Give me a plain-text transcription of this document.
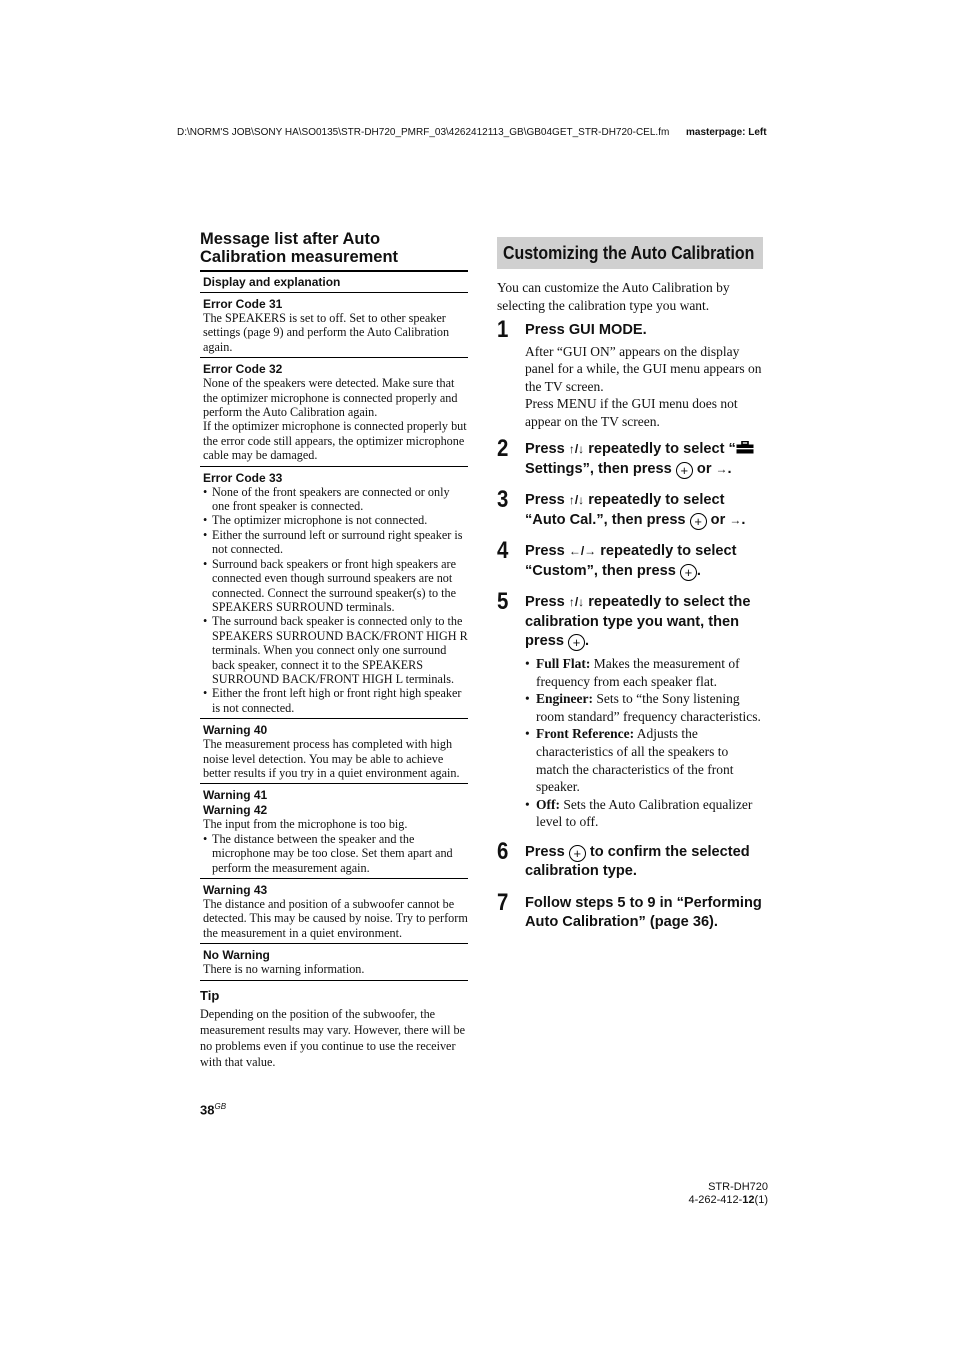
D:\NORM'S JOB\SONY HA\SO0135\STR-DH720_PMRF_03\4262412113_GB\GB04GET_STR-DH720-CEL.fm	masterpage: Left
Message list after Auto Calibration measurement
Display and explanation
Error Code 31
The SPEAKERS is set to off. Set to other speaker settings (page 9) and perform the Auto Calibration again.
Error Code 32
None of the speakers were detected. Make sure that the optimizer microphone is connected properly and perform the Auto Calibration again.
If the optimizer microphone is connected properly but the error code still appears, the optimizer microphone cable may be damaged.
Error Code 33
• None of the front speakers are connected or only one front speaker is connected.
• The optimizer microphone is not connected.
• Either the surround left or surround right speaker is not connected.
• Surround back speakers or front high speakers are connected even though surround speakers are not connected. Connect the surround speaker(s) to the SPEAKERS SURROUND terminals.
• The surround back speaker is connected only to the SPEAKERS SURROUND BACK/FRONT HIGH R terminals. When you connect only one surround back speaker, connect it to the SPEAKERS SURROUND BACK/FRONT HIGH L terminals.
• Either the front left high or front right high speaker is not connected.
Warning 40
The measurement process has completed with high noise level detection. You may be able to achieve better results if you try in a quiet environment again.
Warning 41
Warning 42
The input from the microphone is too big.
• The distance between the speaker and the microphone may be too close. Set them apart and perform the measurement again.
Warning 43
The distance and position of a subwoofer cannot be detected. This may be caused by noise. Try to perform the measurement in a quiet environment.
No Warning
There is no warning information.
Tip
Depending on the position of the subwoofer, the measurement results may vary. However, there will be no problems even if you continue to use the receiver with that value.
$38^{GB}$
Customizing the Auto Calibration
You can customize the Auto Calibration by selecting the calibration type you want.
1 Press GUI MODE.
After “GUI ON” appears on the display panel for a while, the GUI menu appears on the TV screen.
Press MENU if the GUI menu does not appear on the TV screen.
2 Press ↑/↓ repeatedly to select “ Settings”, then press + or →.
3 Press ↑/↓ repeatedly to select “Auto Cal.”, then press + or →.
4 Press ←/→ repeatedly to select “Custom”, then press + .
5 Press ↑/↓ repeatedly to select the calibration type you want, then press + .
• Full Flat: Makes the measurement of frequency from each speaker flat.
• Engineer: Sets to “the Sony listening room standard” frequency characteristics.
• Front Reference: Adjusts the characteristics of all the speakers to match the characteristics of the front speaker.
• Off: Sets the Auto Calibration equalizer level to off.
6 Press + to confirm the selected calibration type.
7 Follow steps 5 to 9 in “Performing Auto Calibration” (page 36).
STR-DH720
4-262-412-12(1)
